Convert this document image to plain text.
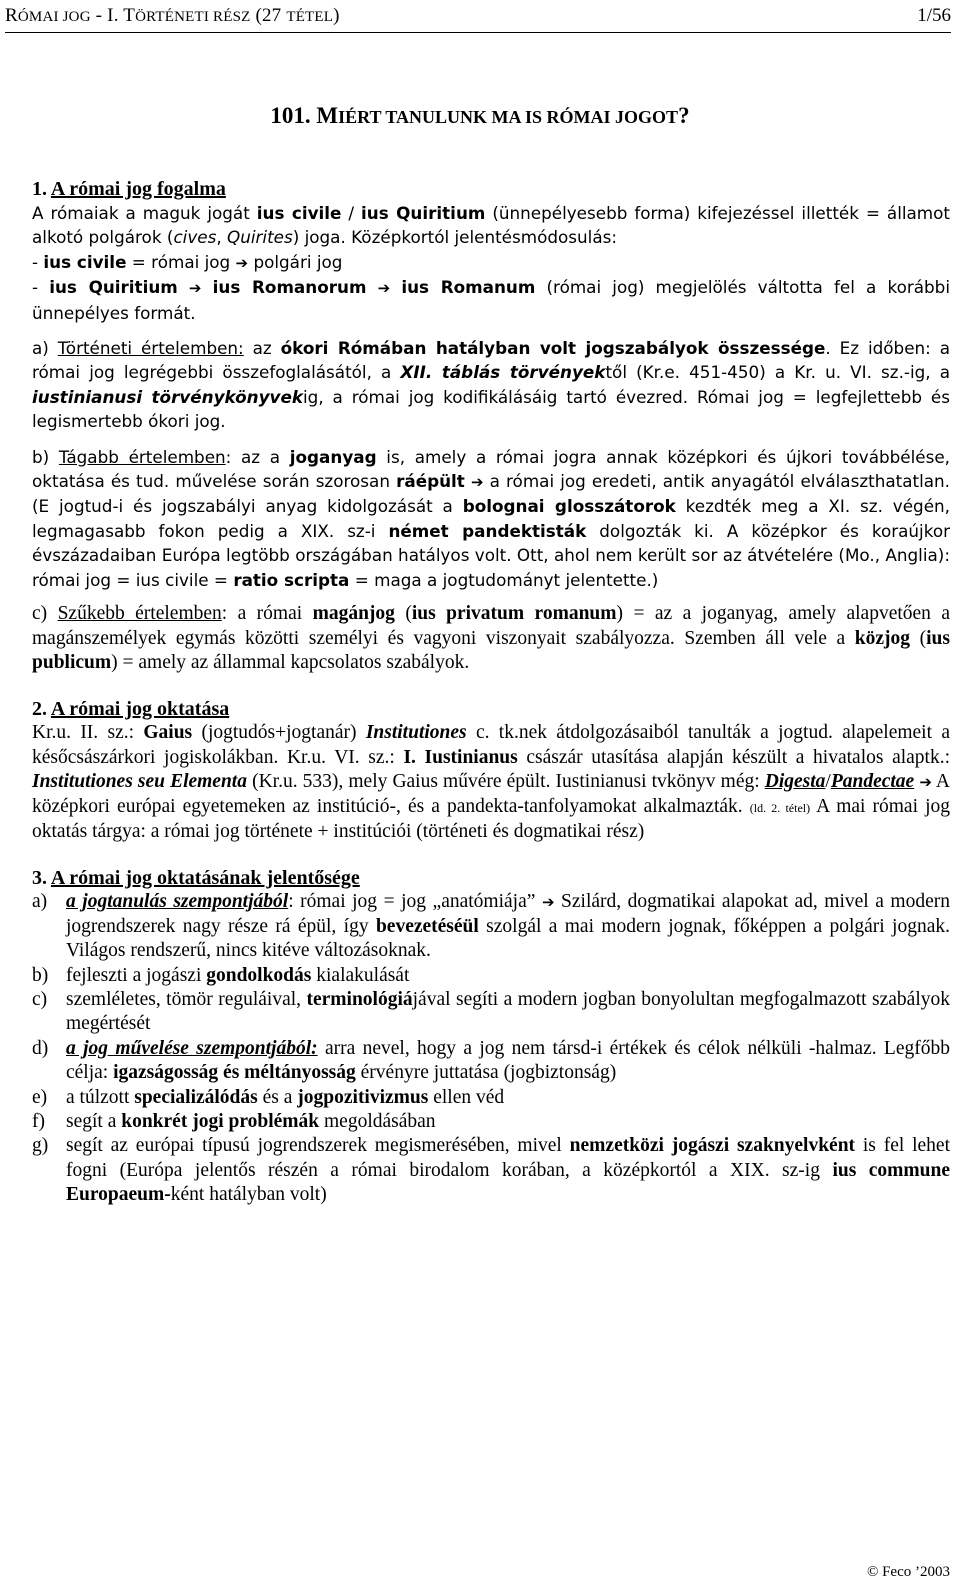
RÓMAI JOG - I. TÖRTÉNETI RÉSZ (27 TÉTEL)	1/56
101. MIÉRT TANULUNK MA IS RÓMAI JOGOT?
1. A római jog fogalma

A rómaiak a maguk jogát ius civile / ius Quiritium (ünnepélyesebb forma) kifejezéssel illették = államot alkotó polgárok (cives, Quirites) joga. Középkortól jelentésmódosulás:

- ius civile = római jog ➔ polgári jog

- ius Quiritium ➔ ius Romanorum ➔ ius Romanum (római jog) megjelölés váltotta fel a korábbi ünnepélyes formát.

a) Történeti értelemben: az ókori Rómában hatályban volt jogszabályok összessége. Ez időben: a római jog legrégebbi összefoglalásától, a XII. táblás törvényektől (Kr.e. 451-450) a Kr. u. VI. sz.-ig, a iustinianusi törvénykönyvekig, a római jog kodifikálásáig tartó évezred. Római jog = legfejlettebb és legismertebb ókori jog.

b) Tágabb értelemben: az a joganyag is, amely a római jogra annak középkori és újkori továbbélése, oktatása és tud. művelése során szorosan ráépült ➔ a római jog eredeti, antik anyagától elválaszthatatlan. (E jogtud-i és jogszabályi anyag kidolgozását a bolognai glosszátorok kezdték meg a XI. sz. végén, legmagasabb fokon pedig a XIX. sz-i német pandektisták dolgozták ki. A középkor és koraújkor évszázadaiban Európa legtöbb országában hatályos volt. Ott, ahol nem került sor az átvételére (Mo., Anglia): római jog = ius civile = ratio scripta = maga a jogtudományt jelentette.)

c) Szűkebb értelemben: a római magánjog (ius privatum romanum) = az a joganyag, amely alapvetően a magánszemélyek egymás közötti személyi és vagyoni viszonyait szabályozza. Szemben áll vele a közjog (ius publicum) = amely az állammal kapcsolatos szabályok.

2. A római jog oktatása

Kr.u. II. sz.: Gaius (jogtudós+jogtanár) Institutiones c. tk.nek átdolgozásaiból tanulták a jogtud. alapelemeit a későcsászárkori jogiskolákban. Kr.u. VI. sz.: I. Iustinianus császár utasítása alapján készült a hivatalos alaptk.: Institutiones seu Elementa (Kr.u. 533), mely Gaius művére épült. Iustinianusi tvkönyv még: Digesta/Pandectae ➔ A középkori európai egyetemeken az institúció-, és a pandekta-tanfolyamokat alkalmazták. (ld. 2. tétel) A mai római jog oktatás tárgya: a római jog története + institúciói (történeti és dogmatikai rész)

3. A római jog oktatásának jelentősége
a) a jogtanulás szempontjából: római jog = jog „anatómiája” ➔ Szilárd, dogmatikai alapokat ad, mivel a modern jogrendszerek nagy része rá épül, így bevezetéséül szolgál a mai modern jognak, főképpen a polgári jognak. Világos rendszerű, nincs kitéve változásoknak.
b) fejleszti a jogászi gondolkodás kialakulását
c) szemléletes, tömör reguláival, terminológiájával segíti a modern jogban bonyolultan megfogalmazott szabályok megértését
d) a jog művelése szempontjából: arra nevel, hogy a jog nem társd-i értékek és célok nélküli -halmaz. Legfőbb célja: igazságosság és méltányosság érvényre juttatása (jogbiztonság)
e) a túlzott specializálódás és a jogpozitivizmus ellen véd
f) segít a konkrét jogi problémák megoldásában
g) segít az európai típusú jogrendszerek megismerésében, mivel nemzetközi jogászi szaknyelvként is fel lehet fogni (Európa jelentős részén a római birodalom korában, a középkortól a XIX. sz-ig ius commune Europaeum-ként hatályban volt)
© Feco ’2003
